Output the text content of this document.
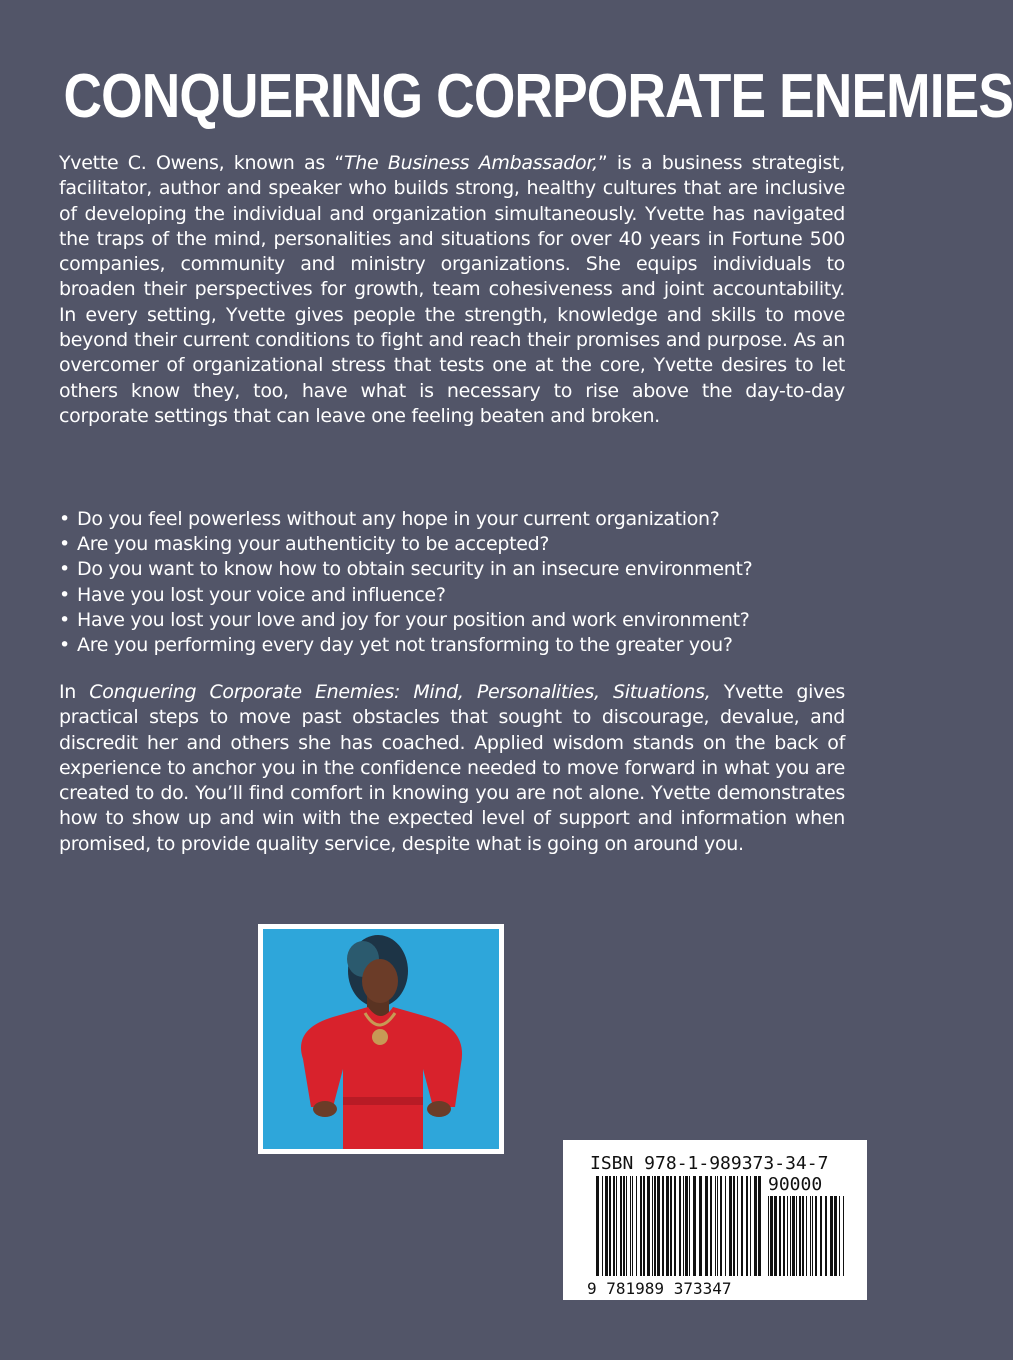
CONQUERING CORPORATE ENEMIES

Yvette C. Owens, known as “The Business Ambassador,” is a business strategist, facilitator, author and speaker who builds strong, healthy cultures that are inclusive of developing the individual and organization simultaneously. Yvette has navigated the traps of the mind, personalities and situations for over 40 years in Fortune 500 companies, community and ministry organizations. She equips individuals to broaden their perspectives for growth, team cohesiveness and joint accountability. In every setting, Yvette gives people the strength, knowledge and skills to move beyond their current conditions to fight and reach their promises and purpose. As an overcomer of organizational stress that tests one at the core, Yvette desires to let others know they, too, have what is necessary to rise above the day-to-day corporate settings that can leave one feeling beaten and broken.

• Do you feel powerless without any hope in your current organization?
• Are you masking your authenticity to be accepted?
• Do you want to know how to obtain security in an insecure environment?
• Have you lost your voice and influence?
• Have you lost your love and joy for your position and work environment?
• Are you performing every day yet not transforming to the greater you?

In Conquering Corporate Enemies: Mind, Personalities, Situations, Yvette gives practical steps to move past obstacles that sought to discourage, devalue, and discredit her and others she has coached. Applied wisdom stands on the back of experience to anchor you in the confidence needed to move forward in what you are created to do. You’ll find comfort in knowing you are not alone. Yvette demonstrates how to show up and win with the expected level of support and information when promised, to provide quality service, despite what is going on around you.

ISBN 978-1-989373-34-7
90000
9 781989 373347
